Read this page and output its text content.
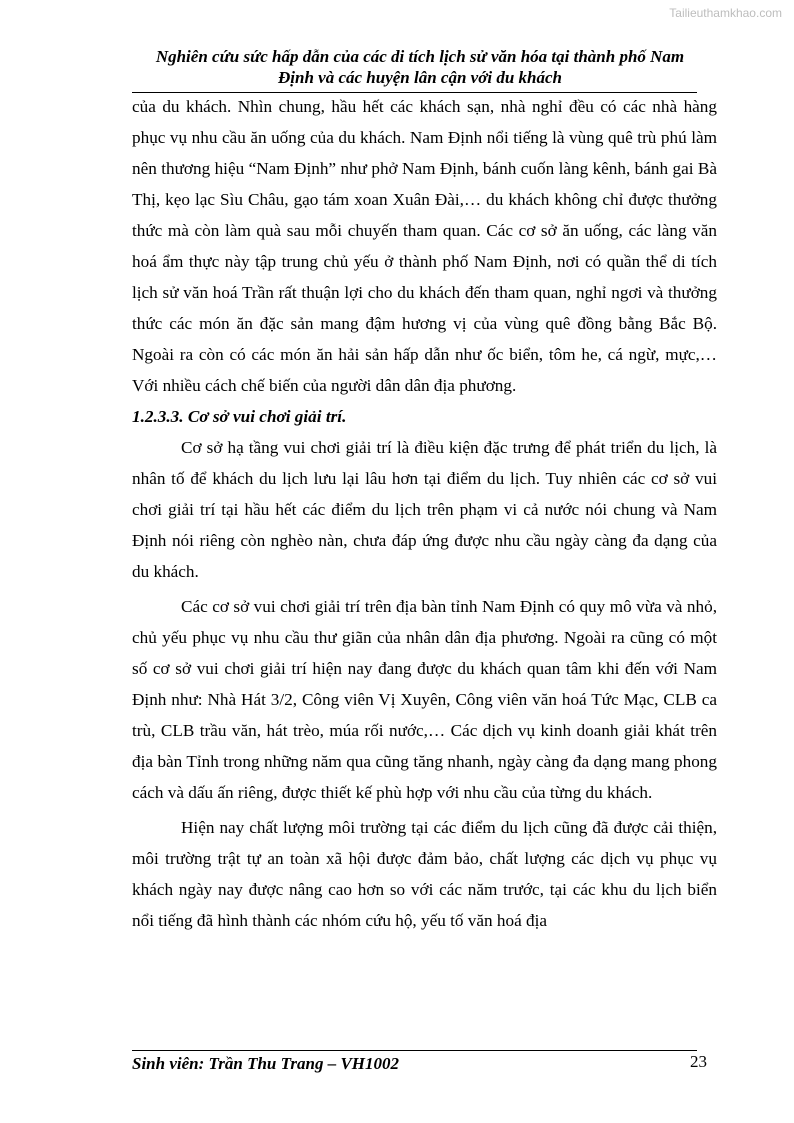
Tailieuthamkhao.com
Nghiên cứu sức hấp dẫn của các di tích lịch sử văn hóa tại thành phố Nam
Định và các huyện lân cận với du khách

của du khách. Nhìn chung, hầu hết các khách sạn, nhà nghỉ đều có các nhà hàng phục vụ nhu cầu ăn uống của du khách. Nam Định nổi tiếng là vùng quê trù phú làm nên thương hiệu “Nam Định” như phở Nam Định, bánh cuốn làng kênh, bánh gai Bà Thị, kẹo lạc Sìu Châu, gạo tám xoan Xuân Đài,… du khách không chỉ được thưởng thức mà còn làm quà sau mỗi chuyến tham quan. Các cơ sở ăn uống, các làng văn hoá ẩm thực này tập trung chủ yếu ở thành phố Nam Định, nơi có quần thể di tích lịch sử văn hoá Trần rất thuận lợi cho du khách đến tham quan, nghỉ ngơi và thưởng thức các món ăn đặc sản mang đậm hương vị của vùng quê đồng bằng Bắc Bộ. Ngoài ra còn có các món ăn hải sản hấp dẫn như ốc biển, tôm he, cá ngừ, mực,… Với nhiều cách chế biến của người dân dân địa phương.

1.2.3.3. Cơ sở vui chơi giải trí.

Cơ sở hạ tầng vui chơi giải trí là điều kiện đặc trưng để phát triển du lịch, là nhân tố để khách du lịch lưu lại lâu hơn tại điểm du lịch. Tuy nhiên các cơ sở vui chơi giải trí tại hầu hết các điểm du lịch trên phạm vi cả nước nói chung và Nam Định nói riêng còn nghèo nàn, chưa đáp ứng được nhu cầu ngày càng đa dạng của du khách.

Các cơ sở vui chơi giải trí trên địa bàn tỉnh Nam Định có quy mô vừa và nhỏ, chủ yếu phục vụ nhu cầu thư giãn của nhân dân địa phương. Ngoài ra cũng có một số cơ sở vui chơi giải trí hiện nay đang được du khách quan tâm khi đến với Nam Định như: Nhà Hát 3/2, Công viên Vị Xuyên, Công viên văn hoá Tức Mạc, CLB ca trù, CLB trầu văn, hát trèo, múa rối nước,… Các dịch vụ kinh doanh giải khát trên địa bàn Tỉnh trong những năm qua cũng tăng nhanh, ngày càng đa dạng mang phong cách và dấu ấn riêng, được thiết kế phù hợp với nhu cầu của từng du khách.

Hiện nay chất lượng môi trường tại các điểm du lịch cũng đã được cải thiện, môi trường trật tự an toàn xã hội được đảm bảo, chất lượng các dịch vụ phục vụ khách ngày nay được nâng cao hơn so với các năm trước, tại các khu du lịch biển nổi tiếng đã hình thành các nhóm cứu hộ, yếu tố văn hoá địa

Sinh viên: Trần Thu Trang – VH1002	23
